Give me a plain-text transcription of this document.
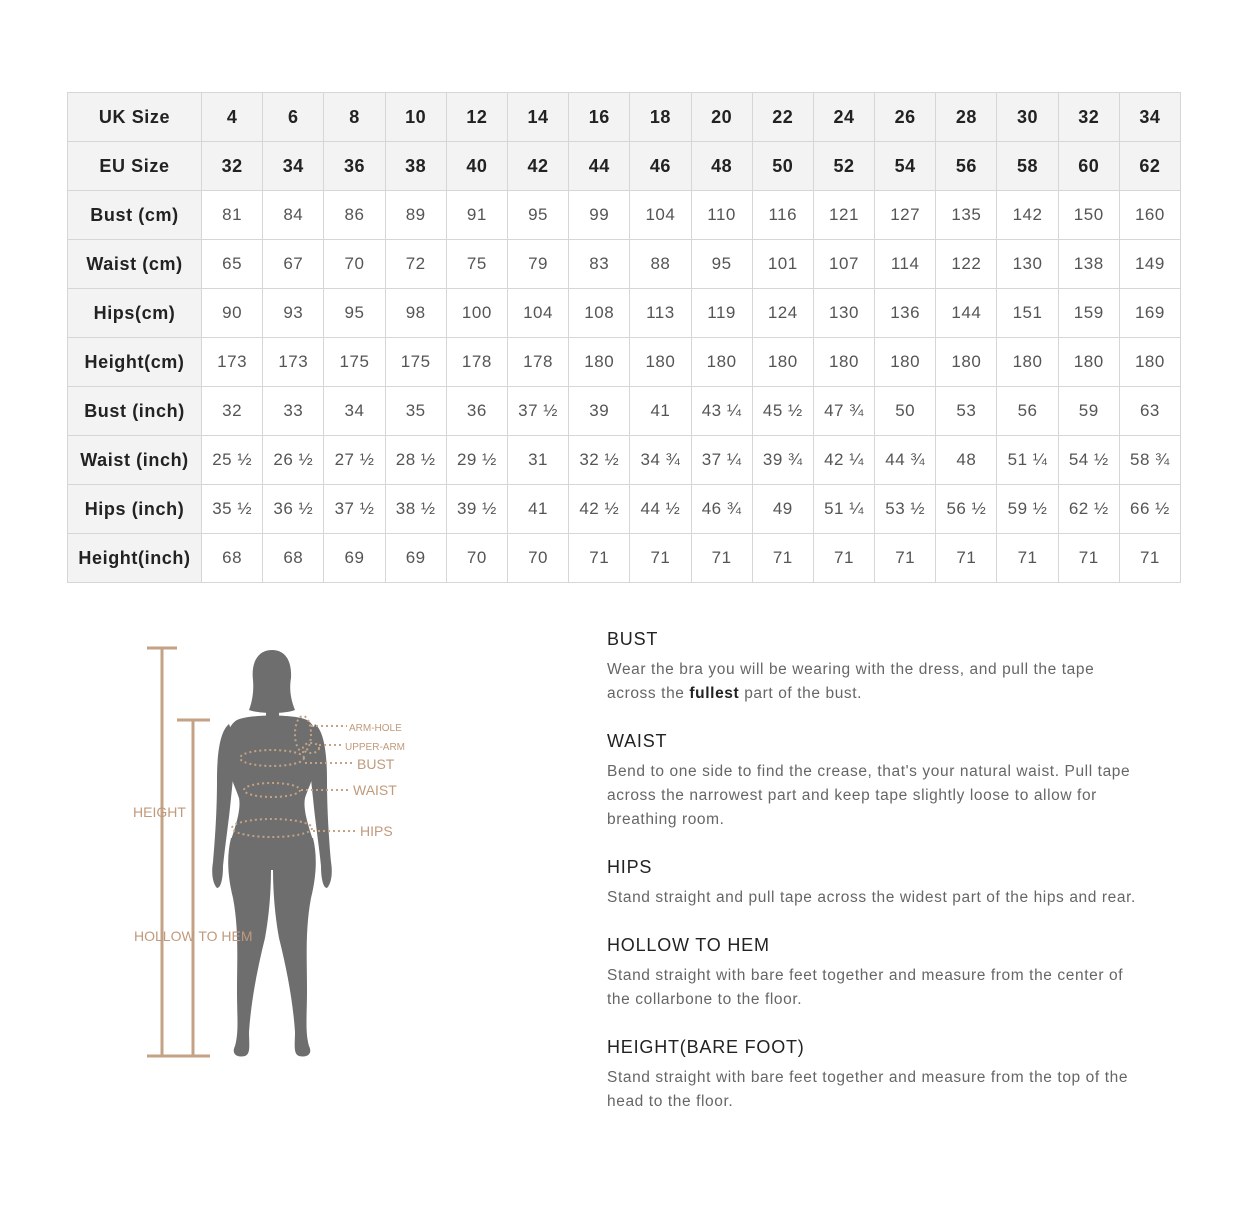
UK Size	4	6	8	10	12	14	16	18	20	22	24	26	28	30	32	34
EU Size	32	34	36	38	40	42	44	46	48	50	52	54	56	58	60	62
Bust (cm)	81	84	86	89	91	95	99	104	110	116	121	127	135	142	150	160
Waist (cm)	65	67	70	72	75	79	83	88	95	101	107	114	122	130	138	149
Hips(cm)	90	93	95	98	100	104	108	113	119	124	130	136	144	151	159	169
Height(cm)	173	173	175	175	178	178	180	180	180	180	180	180	180	180	180	180
Bust (inch)	32	33	34	35	36	37 ½	39	41	43 ¼	45 ½	47 ¾	50	53	56	59	63
Waist (inch)	25 ½	26 ½	27 ½	28 ½	29 ½	31	32 ½	34 ¾	37 ¼	39 ¾	42 ¼	44 ¾	48	51 ¼	54 ½	58 ¾
Hips (inch)	35 ½	36 ½	37 ½	38 ½	39 ½	41	42 ½	44 ½	46 ¾	49	51 ¼	53 ½	56 ½	59 ½	62 ½	66 ½
Height(inch)	68	68	69	69	70	70	71	71	71	71	71	71	71	71	71	71
HEIGHT
HOLLOW TO HEM
ARM-HOLE
UPPER-ARM
BUST
WAIST
HIPS
BUST

Wear the bra you will be wearing with the dress, and pull the tape across the fullest part of the bust.

WAIST

Bend to one side to find the crease, that's your natural waist. Pull tape across the narrowest part and keep tape slightly loose to allow for breathing room.

HIPS

Stand straight and pull tape across the widest part of the hips and rear.

HOLLOW TO HEM

Stand straight with bare feet together and measure from the center of the collarbone to the floor.

HEIGHT(BARE FOOT)

Stand straight with bare feet together and measure from the top of the head to the floor.
